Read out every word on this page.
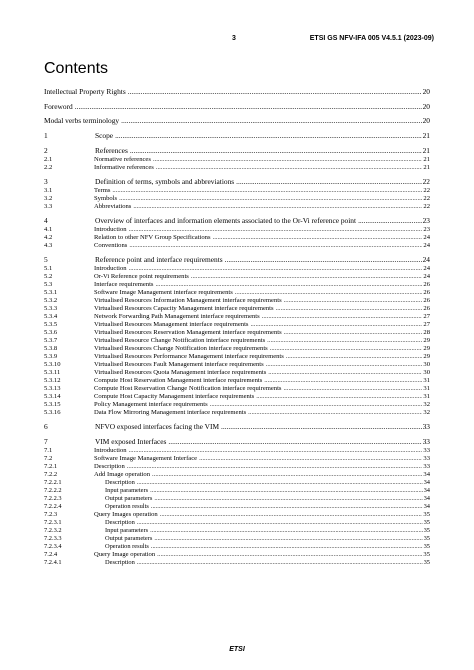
3	ETSI GS NFV-IFA 005 V4.5.1 (2023-09)
Contents
Intellectual Property Rights .....	20
Foreword .....	20
Modal verbs terminology .....	20
1	Scope .....	21
2	References .....	21
2.1	Normative references .....	21
2.2	Informative references .....	21
3	Definition of terms, symbols and abbreviations .....	22
3.1	Terms .....	22
3.2	Symbols .....	22
3.3	Abbreviations .....	22
4	Overview of interfaces and information elements associated to the Or-Vi reference point .....	23
4.1	Introduction .....	23
4.2	Relation to other NFV Group Specifications .....	24
4.3	Conventions .....	24
5	Reference point and interface requirements .....	24
5.1	Introduction .....	24
5.2	Or-Vi Reference point requirements .....	24
5.3	Interface requirements .....	26
5.3.1	Software Image Management interface requirements .....	26
5.3.2	Virtualised Resources Information Management interface requirements .....	26
5.3.3	Virtualised Resources Capacity Management interface requirements .....	26
5.3.4	Network Forwarding Path Management interface requirements .....	27
5.3.5	Virtualised Resources Management interface requirements .....	27
5.3.6	Virtualised Resources Reservation Management interface requirements .....	28
5.3.7	Virtualised Resource Change Notification interface requirements .....	29
5.3.8	Virtualised Resources Change Notification interface requirements .....	29
5.3.9	Virtualised Resources Performance Management interface requirements .....	29
5.3.10	Virtualised Resources Fault Management interface requirements .....	30
5.3.11	Virtualised Resources Quota Management interface requirements .....	30
5.3.12	Compute Host Reservation Management interface requirements .....	31
5.3.13	Compute Host Reservation Change Notification interface requirements .....	31
5.3.14	Compute Host Capacity Management interface requirements .....	31
5.3.15	Policy Management interface requirements .....	32
5.3.16	Data Flow Mirroring Management interface requirements .....	32
6	NFVO exposed interfaces facing the VIM .....	33
7	VIM exposed Interfaces .....	33
7.1	Introduction .....	33
7.2	Software Image Management Interface .....	33
7.2.1	Description .....	33
7.2.2	Add Image operation .....	34
7.2.2.1	Description .....	34
7.2.2.2	Input parameters .....	34
7.2.2.3	Output parameters .....	34
7.2.2.4	Operation results .....	34
7.2.3	Query Images operation .....	35
7.2.3.1	Description .....	35
7.2.3.2	Input parameters .....	35
7.2.3.3	Output parameters .....	35
7.2.3.4	Operation results .....	35
7.2.4	Query Image operation .....	35
7.2.4.1	Description .....	35
ETSI
